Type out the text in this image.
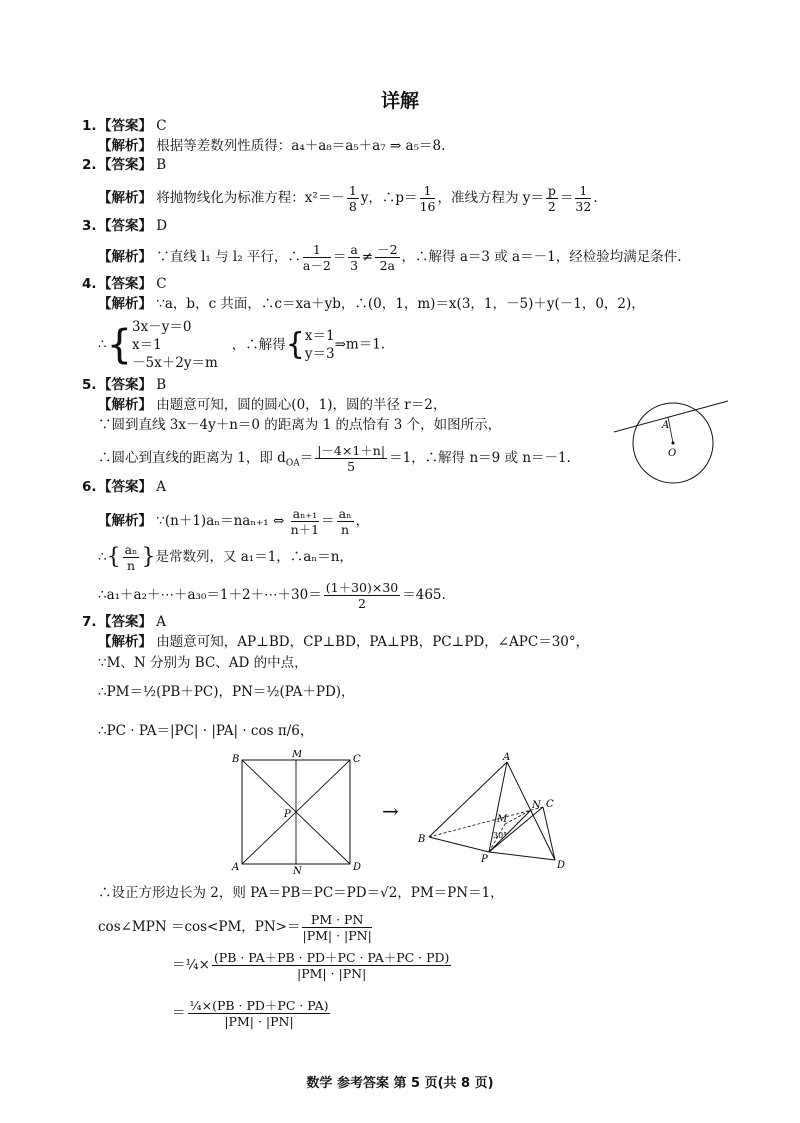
详解
1. 【答案】 C
【解析】 根据等差数列性质得：a₄＋a₈＝a₅＋a₇ ⇒ a₅＝8.
2. 【答案】 B
【解析】 将抛物线化为标准方程：$x^2=- \frac{1}{8}$ y，∴p＝ $\frac{1}{16}$ ，准线方程为 $y= \frac{p}{2} = \frac{1}{32}$ .
3. 【答案】 D
【解析】 ∵直线 l₁ 与 l₂ 平行，∴ $\frac{1}{a-2} = \frac{a}{3} \ne \frac{-2}{2a}$ ，∴解得 a＝3 或 a＝－1，经检验均满足条件.
4. 【答案】 C
【解析】 ∵a，b，c 共面，∴c＝xa＋yb，∴(0，1，m)＝x(3，1，－5)＋y(－1，0，2)，
∴{ 3x－y＝0
x＝1
－5x＋2y＝m
，∴解得{ x＝1
y＝3
⇒m＝1.
5. 【答案】 B
【解析】 由题意可知，圆的圆心(0，1)，圆的半径 r＝2，
∵圆到直线 3x－4y＋n＝0 的距离为 1 的点恰有 3 个，如图所示，
∴圆心到直线的距离为 1，即 $d_{OA}= \frac{|-4\times 1+n|}{5} =1$，∴解得 n＝9 或 n＝－1.
A
O
6. 【答案】 A
【解析】 ∵(n＋1)aₙ＝naₙ₊₁ ⇔ $\frac{\text{aₙ₊₁}}{n+1} = \frac{\text{aₙ}}{n}$ ，
∴{ $\frac{\text{aₙ}}{n}$ }是常数列，又 a₁＝1，∴aₙ＝n，
∴a₁＋a₂＋⋯＋a₃₀＝1＋2＋⋯＋30＝ $\frac{(1+30)\times 30}{2} =465$.
7. 【答案】 A
【解析】 由题意可知，AP⊥BD，CP⊥BD，PA⊥PB，PC⊥PD，∠APC＝30°，
∵M、N 分别为 BC、AD 的中点，
∴PM＝½(PB＋PC)，PN＝½(PA＋PD)，
∴PC · PA＝|PC| · |PA| · cos π/6，
B	M	C
P
A	N	D
→
A
N C
M
30°
B
P
D
∴设正方形边长为 2，则 PA＝PB＝PC＝PD＝√2，PM＝PN＝1，
cos∠MPN ＝cos<PM，$PN>= \frac{PM \cdot PN}{|PM| \cdot |PN|}$
＝¼× $\frac{(PB \cdot PA+PB \cdot PD+PC \cdot PA+PC \cdot PD)}{|PM| \cdot |PN|}$
＝ $\frac{\text{¼×(PB · PD＋PC · PA)}}{|PM| \cdot |PN|}$
数学 参考答案 第 5 页(共 8 页)
